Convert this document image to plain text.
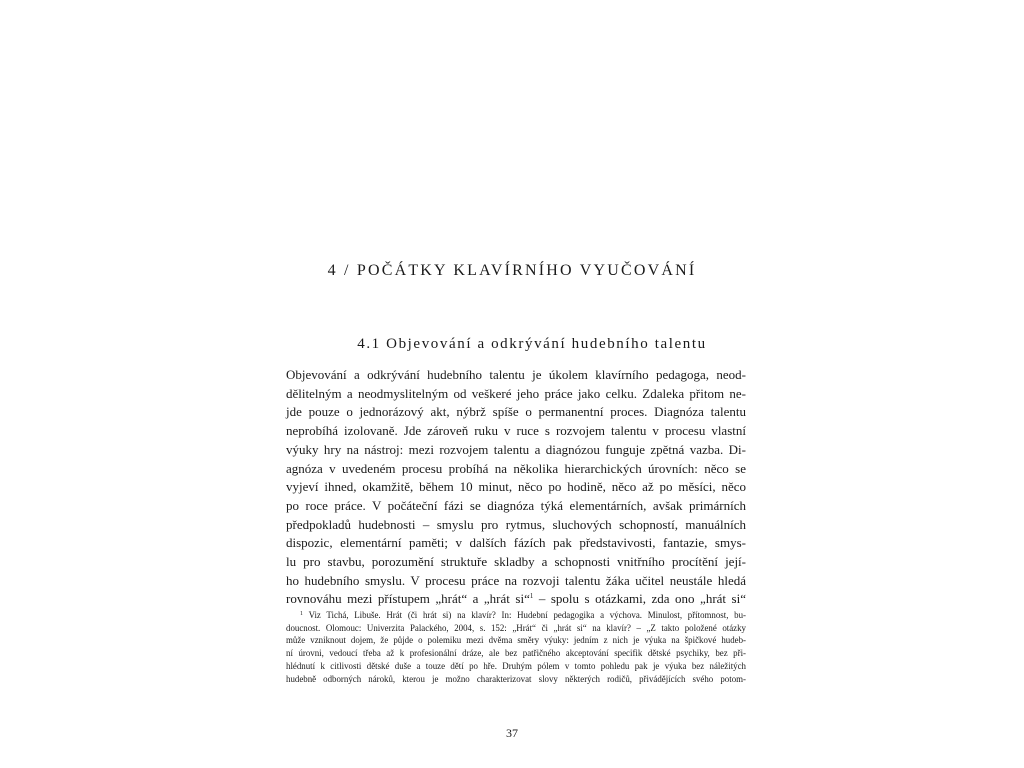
4 / POČÁTKY KLAVÍRNÍHO VYUČOVÁNÍ
4.1 Objevování a odkrývání hudebního talentu
Objevování a odkrývání hudebního talentu je úkolem klavírního pedagoga, neod-
dělitelným a neodmyslitelným od veškeré jeho práce jako celku. Zdaleka přitom ne-
jde pouze o jednorázový akt, nýbrž spíše o permanentní proces. Diagnóza talentu
neprobíhá izolovaně. Jde zároveň ruku v ruce s rozvojem talentu v procesu vlastní
výuky hry na nástroj: mezi rozvojem talentu a diagnózou funguje zpětná vazba. Di-
agnóza v uvedeném procesu probíhá na několika hierarchických úrovních: něco se
vyjeví ihned, okamžitě, během 10 minut, něco po hodině, něco až po měsíci, něco
po roce práce. V počáteční fázi se diagnóza týká elementárních, avšak primárních
předpokladů hudebnosti – smyslu pro rytmus, sluchových schopností, manuálních
dispozic, elementární paměti; v dalších fázích pak představivosti, fantazie, smys-
lu pro stavbu, porozumění struktuře skladby a schopnosti vnitřního procítění její-
ho hudebního smyslu. V procesu práce na rozvoji talentu žáka učitel neustále hledá
rovnováhu mezi přístupem „hrát“ a „hrát si“$^1$ – spolu s otázkami, zda ono „hrát si“
$^1$ Viz Tichá, Libuše. Hrát (či hrát si) na klavír? In: Hudební pedagogika a výchova. Minulost, přítomnost, bu-
doucnost. Olomouc: Univerzita Palackého, 2004, s. 152: „Hrát“ či „hrát si“ na klavír? – „Z takto položené otázky
může vzniknout dojem, že půjde o polemiku mezi dvěma směry výuky: jedním z nich je výuka na špičkové hudeb-
ní úrovni, vedoucí třeba až k profesionální dráze, ale bez patřičného akceptování specifik dětské psychiky, bez při-
hlédnutí k citlivosti dětské duše a touze dětí po hře. Druhým pólem v tomto pohledu pak je výuka bez náležitých
hudebně odborných nároků, kterou je možno charakterizovat slovy některých rodičů, přivádějících svého potom-
37
